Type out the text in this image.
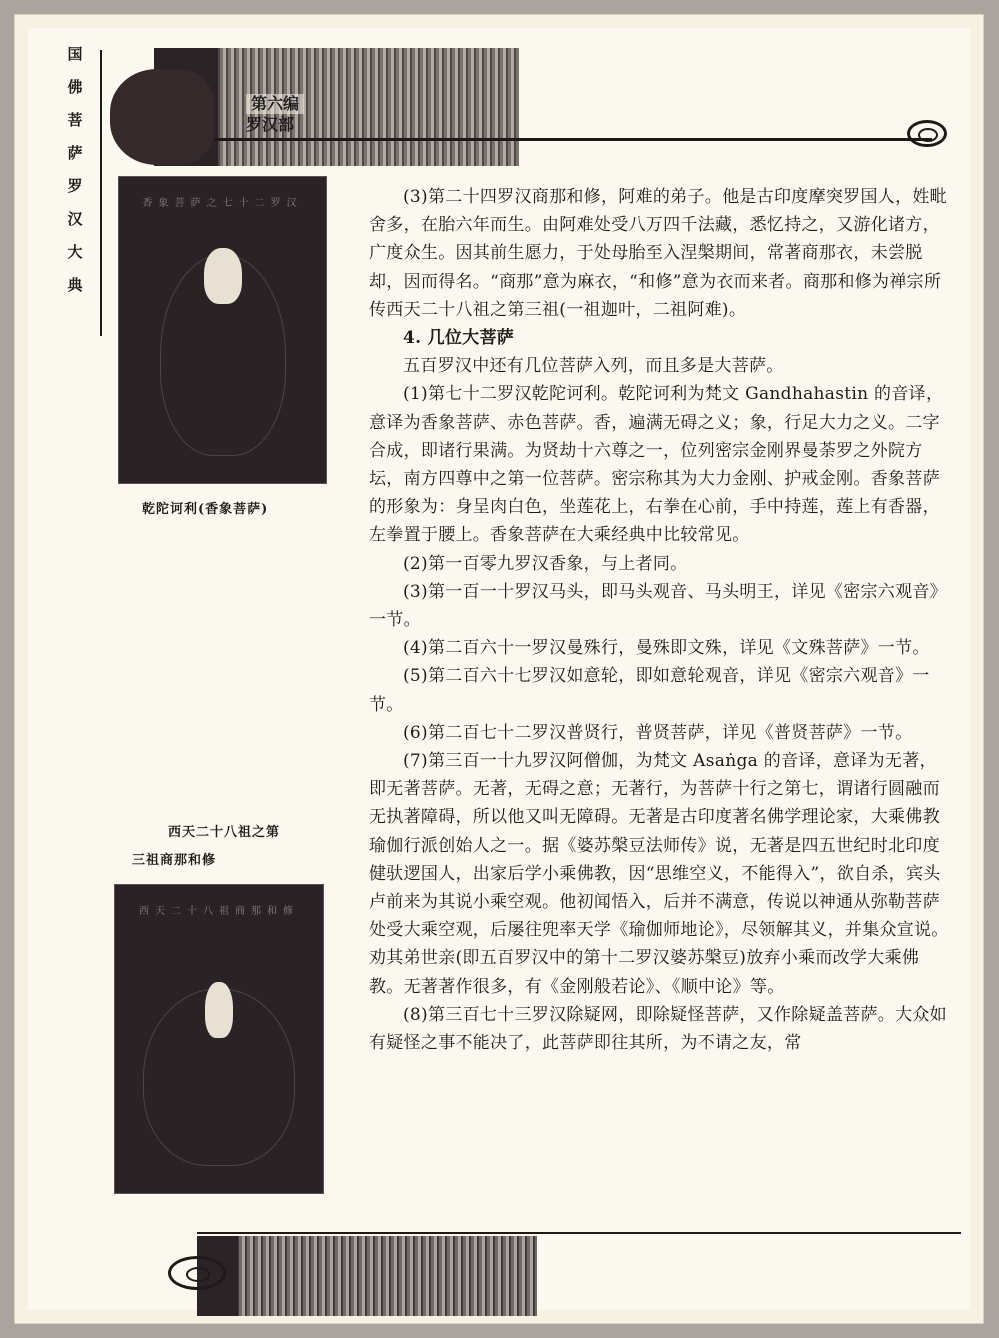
国
佛
菩
萨
罗
汉
大
典
第六编
罗汉部
香象菩萨之七十二罗汉
乾陀诃利(香象菩萨)
西天二十八祖之第
三祖商那和修
西天二十八祖商那和修

(3)第二十四罗汉商那和修，阿难的弟子。他是古印度摩突罗国人，姓毗舍多，在胎六年而生。由阿难处受八万四千法藏，悉忆持之，又游化诸方，广度众生。因其前生愿力，于处母胎至入涅槃期间，常著商那衣，未尝脱却，因而得名。“商那”意为麻衣，“和修”意为衣而来者。商那和修为禅宗所传西天二十八祖之第三祖(一祖迦叶，二祖阿难)。

4. 几位大菩萨

五百罗汉中还有几位菩萨入列，而且多是大菩萨。

(1)第七十二罗汉乾陀诃利。乾陀诃利为梵文 Gandhahastin 的音译，意译为香象菩萨、赤色菩萨。香，遍满无碍之义；象，行足大力之义。二字合成，即诸行果满。为贤劫十六尊之一，位列密宗金刚界曼荼罗之外院方坛，南方四尊中之第一位菩萨。密宗称其为大力金刚、护戒金刚。香象菩萨的形象为：身呈肉白色，坐莲花上，右拳在心前，手中持莲，莲上有香器，左拳置于腰上。香象菩萨在大乘经典中比较常见。

(2)第一百零九罗汉香象，与上者同。

(3)第一百一十罗汉马头，即马头观音、马头明王，详见《密宗六观音》一节。

(4)第二百六十一罗汉曼殊行，曼殊即文殊，详见《文殊菩萨》一节。

(5)第二百六十七罗汉如意轮，即如意轮观音，详见《密宗六观音》一节。

(6)第二百七十二罗汉普贤行，普贤菩萨，详见《普贤菩萨》一节。

(7)第三百一十九罗汉阿僧伽，为梵文 Asaṅga 的音译，意译为无著，即无著菩萨。无著，无碍之意；无著行，为菩萨十行之第七，谓诸行圆融而无执著障碍，所以他又叫无障碍。无著是古印度著名佛学理论家，大乘佛教瑜伽行派创始人之一。据《婆苏槃豆法师传》说，无著是四五世纪时北印度健驮逻国人，出家后学小乘佛教，因“思维空义，不能得入”，欲自杀，宾头卢前来为其说小乘空观。他初闻悟入，后并不满意，传说以神通从弥勒菩萨处受大乘空观，后屡往兜率天学《瑜伽师地论》，尽领解其义，并集众宣说。劝其弟世亲(即五百罗汉中的第十二罗汉婆苏槃豆)放弃小乘而改学大乘佛教。无著著作很多，有《金刚般若论》、《顺中论》等。

(8)第三百七十三罗汉除疑网，即除疑怪菩萨，又作除疑盖菩萨。大众如有疑怪之事不能决了，此菩萨即往其所，为不请之友，常
